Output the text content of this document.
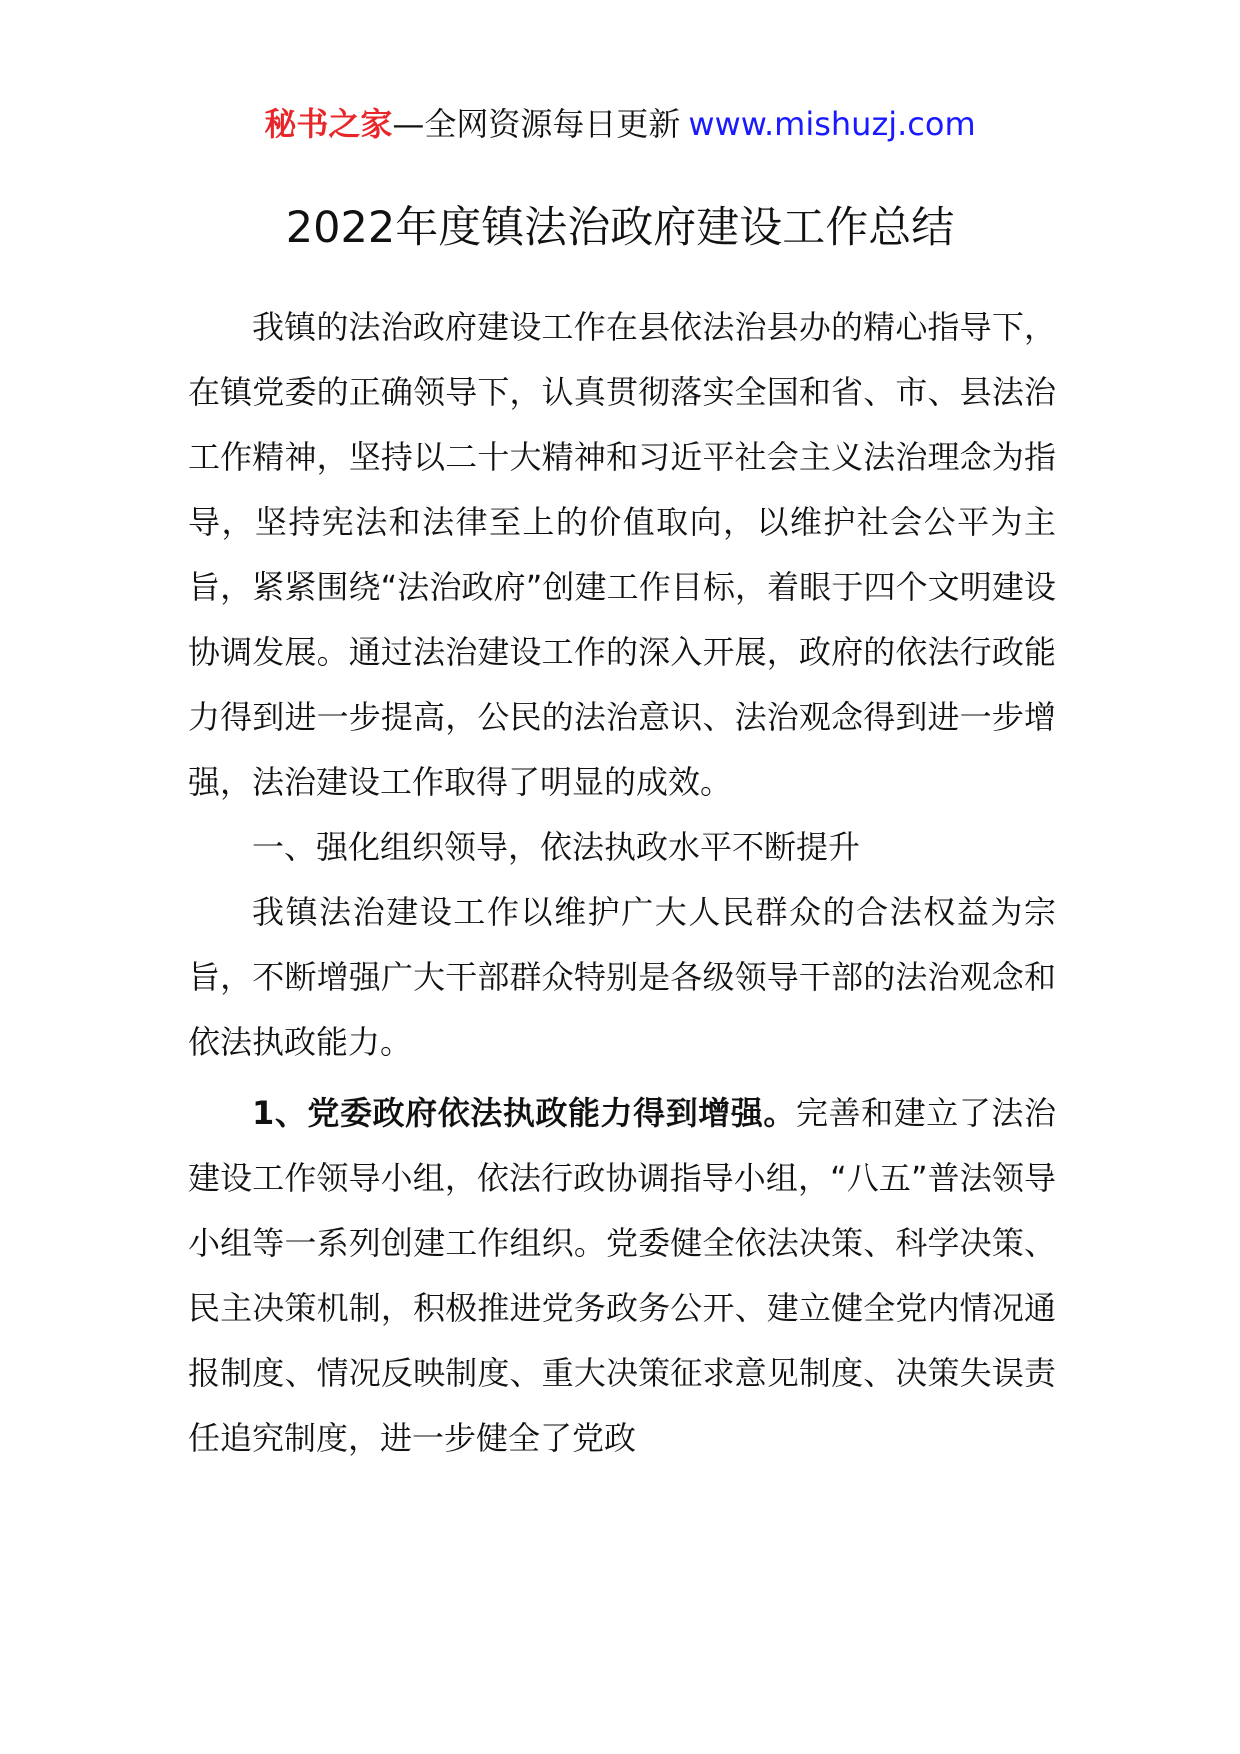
秘书之家—全网资源每日更新 www.mishuzj.com
2022年度镇法治政府建设工作总结

我镇的法治政府建设工作在县依法治县办的精心指导下，在镇党委的正确领导下，认真贯彻落实全国和省、市、县法治工作精神，坚持以二十大精神和习近平社会主义法治理念为指导，坚持宪法和法律至上的价值取向，以维护社会公平为主旨，紧紧围绕“法治政府”创建工作目标，着眼于四个文明建设协调发展。通过法治建设工作的深入开展，政府的依法行政能力得到进一步提高，公民的法治意识、法治观念得到进一步增强，法治建设工作取得了明显的成效。

一、强化组织领导，依法执政水平不断提升

我镇法治建设工作以维护广大人民群众的合法权益为宗旨，不断增强广大干部群众特别是各级领导干部的法治观念和依法执政能力。

1、党委政府依法执政能力得到增强。完善和建立了法治建设工作领导小组，依法行政协调指导小组，“八五”普法领导小组等一系列创建工作组织。党委健全依法决策、科学决策、民主决策机制，积极推进党务政务公开、建立健全党内情况通报制度、情况反映制度、重大决策征求意见制度、决策失误责任追究制度，进一步健全了党政
